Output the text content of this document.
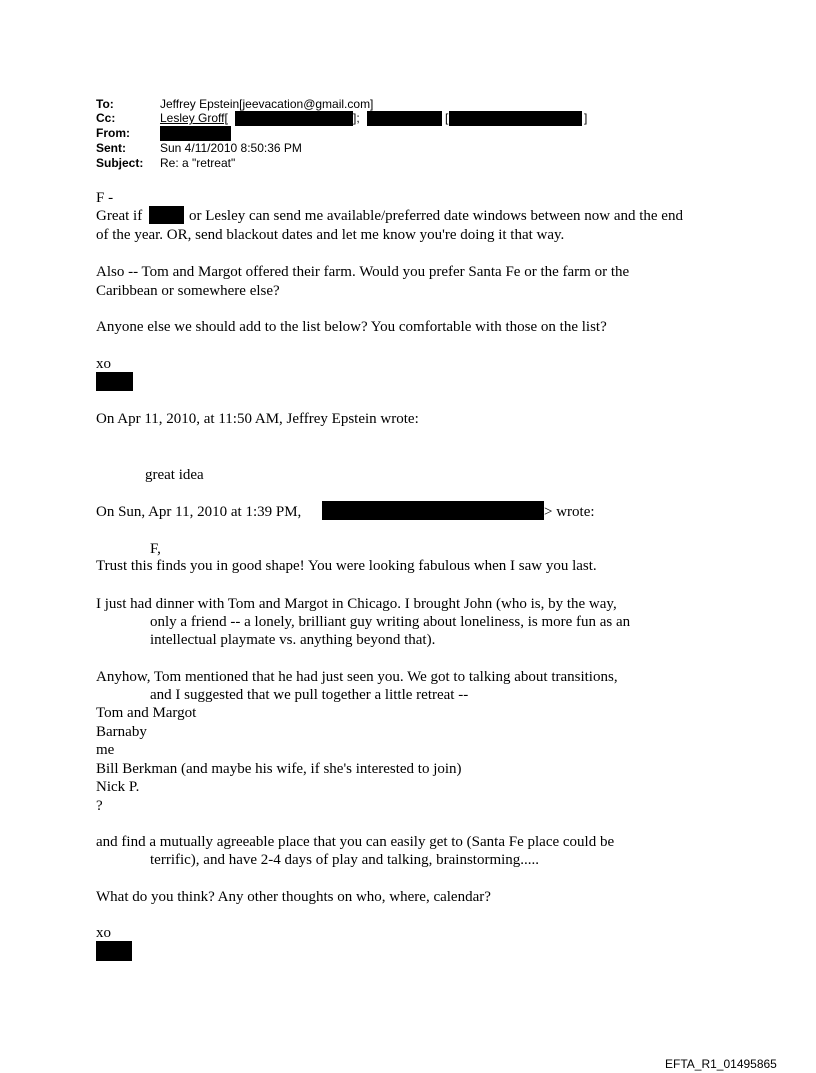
To:	Jeffrey Epstein[jeevacation@gmail.com]
Cc:	Lesley Groff[	];	[	]
From:
Sent:	Sun 4/11/2010 8:50:36 PM
Subject: Re: a "retreat"
F -
Great if	or Lesley can send me available/preferred date windows between now and the end
of the year. OR, send blackout dates and let me know you're doing it that way.
Also -- Tom and Margot offered their farm. Would you prefer Santa Fe or the farm or the
Caribbean or somewhere else?
Anyone else we should add to the list below? You comfortable with those on the list?
xo
On Apr 11, 2010, at 11:50 AM, Jeffrey Epstein wrote:
great idea
On Sun, Apr 11, 2010 at 1:39 PM,	> wrote:
F,
Trust this finds you in good shape! You were looking fabulous when I saw you last.
I just had dinner with Tom and Margot in Chicago. I brought John (who is, by the way,
only a friend -- a lonely, brilliant guy writing about loneliness, is more fun as an
intellectual playmate vs. anything beyond that).
Anyhow, Tom mentioned that he had just seen you. We got to talking about transitions,
and I suggested that we pull together a little retreat --
Tom and Margot
Barnaby
me
Bill Berkman (and maybe his wife, if she's interested to join)
Nick P.
?
and find a mutually agreeable place that you can easily get to (Santa Fe place could be
terrific), and have 2-4 days of play and talking, brainstorming.....
What do you think? Any other thoughts on who, where, calendar?
xo
EFTA_R1_01495865
